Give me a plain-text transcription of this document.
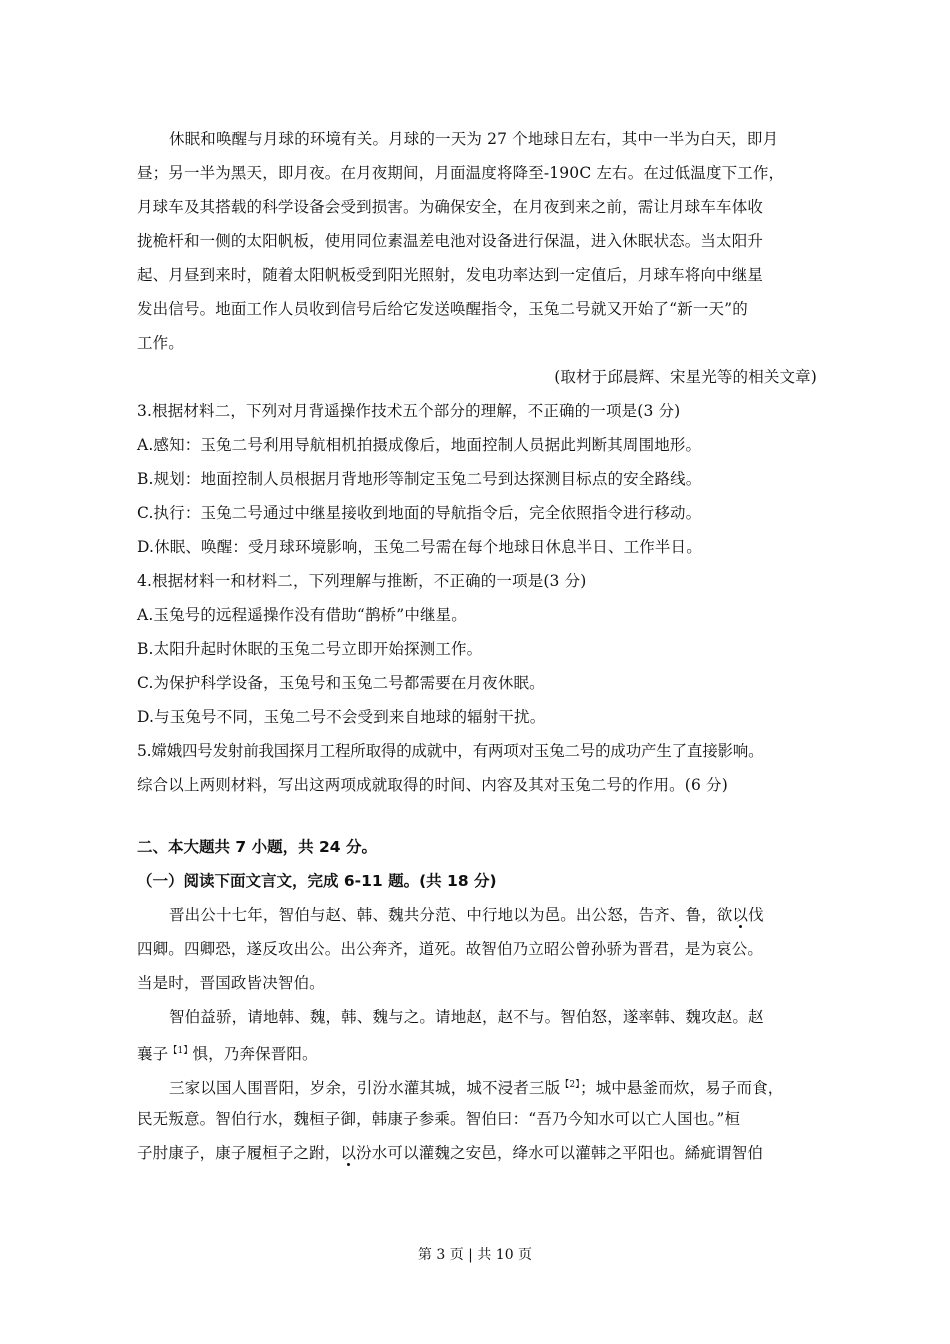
休眠和唤醒与月球的环境有关。月球的一天为 27 个地球日左右，其中一半为白天，即月
昼；另一半为黑天，即月夜。在月夜期间，月面温度将降至-190C 左右。在过低温度下工作，
月球车及其搭载的科学设备会受到损害。为确保安全，在月夜到来之前，需让月球车车体收
拢桅杆和一侧的太阳帆板，使用同位素温差电池对设备进行保温，进入休眠状态。当太阳升
起、月昼到来时，随着太阳帆板受到阳光照射，发电功率达到一定值后，月球车将向中继星
发出信号。地面工作人员收到信号后给它发送唤醒指令，玉兔二号就又开始了“新一天”的
工作。
(取材于邱晨辉、宋星光等的相关文章)
3.根据材料二，下列对月背遥操作技术五个部分的理解，不正确的一项是(3 分)
A.感知：玉兔二号利用导航相机拍摄成像后，地面控制人员据此判断其周围地形。
B.规划：地面控制人员根据月背地形等制定玉兔二号到达探测目标点的安全路线。
C.执行：玉兔二号通过中继星接收到地面的导航指令后，完全依照指令进行移动。
D.休眠、唤醒：受月球环境影响，玉兔二号需在每个地球日休息半日、工作半日。
4.根据材料一和材料二，下列理解与推断，不正确的一项是(3 分)
A.玉兔号的远程遥操作没有借助“鹊桥”中继星。
B.太阳升起时休眠的玉兔二号立即开始探测工作。
C.为保护科学设备，玉兔号和玉兔二号都需要在月夜休眠。
D.与玉兔号不同，玉兔二号不会受到来自地球的辐射干扰。
5.嫦娥四号发射前我国探月工程所取得的成就中，有两项对玉兔二号的成功产生了直接影响。
综合以上两则材料，写出这两项成就取得的时间、内容及其对玉兔二号的作用。(6 分)
二、本大题共 7 小题，共 24 分。
（一）阅读下面文言文，完成 6-11 题。(共 18 分)
晋出公十七年，智伯与赵、韩、魏共分范、中行地以为邑。出公怒，告齐、鲁，欲以伐
四卿。四卿恐，遂反攻出公。出公奔齐，道死。故智伯乃立昭公曾孙骄为晋君，是为哀公。
当是时，晋国政皆决智伯。
智伯益骄，请地韩、魏，韩、魏与之。请地赵，赵不与。智伯怒，遂率韩、魏攻赵。赵
襄子$^{【1】}$惧，乃奔保晋阳。
三家以国人围晋阳，岁余，引汾水灌其城，城不浸者三版$^{【2】}$；城中悬釜而炊，易子而食，
民无叛意。智伯行水，魏桓子御，韩康子参乘。智伯曰：“吾乃今知水可以亡人国也。”桓
子肘康子，康子履桓子之跗，以汾水可以灌魏之安邑，绛水可以灌韩之平阳也。絺疵谓智伯
第 3 页 | 共 10 页
